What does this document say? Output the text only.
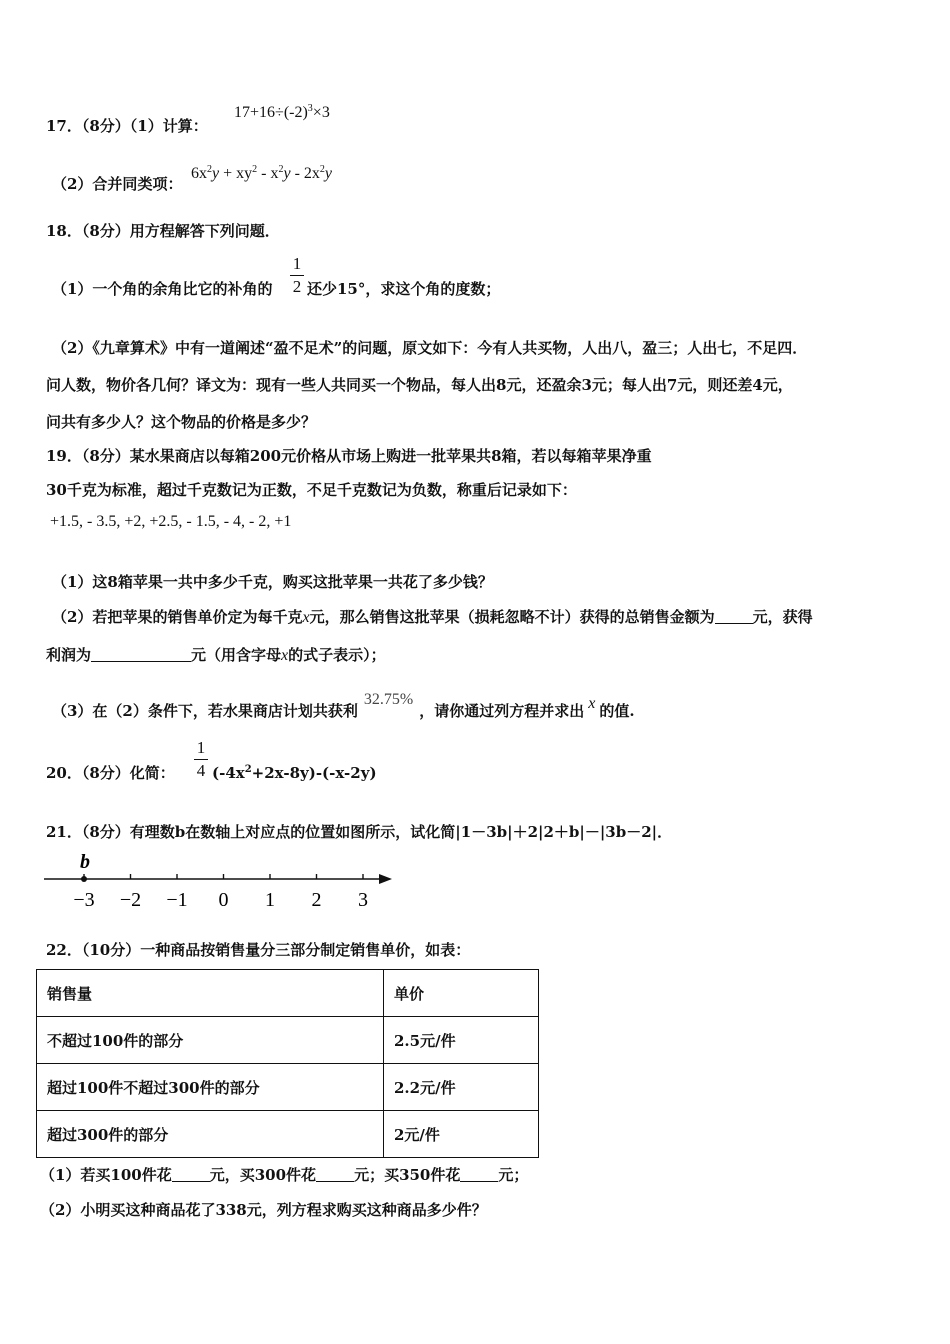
17．（8分）（1）计算：
$17+16\div(-2)^3\times 3$
（2）合并同类项：
$6x^2y + xy^2 - x^2y - 2x^2y$
18．（8分）用方程解答下列问题．
（1）一个角的余角比它的补角的
1
2 还少15°，求这个角的度数；
（2）《九章算术》中有一道阐述“盈不足术”的问题，原文如下：今有人共买物，人出八，盈三；人出七，不足四．
问人数，物价各几何？译文为：现有一些人共同买一个物品，每人出8元，还盈余3元；每人出7元，则还差4元，
问共有多少人？这个物品的价格是多少？
19．（8分）某水果商店以每箱200元价格从市场上购进一批苹果共8箱，若以每箱苹果净重
30千克为标准，超过千克数记为正数，不足千克数记为负数，称重后记录如下：
+1.5, - 3.5, +2, +2.5, - 1.5, - 4, - 2, +1
（1）这8箱苹果一共中多少千克，购买这批苹果一共花了多少钱？
（2）若把苹果的销售单价定为每千克x元，那么销售这批苹果（损耗忽略不计）获得的总销售金额为	元，获得
利润为	元（用含字母x的式子表示）；
（3）在（2）条件下，若水果商店计划共获利32.75%，请你通过列方程并求出 x 的值.
20．（8分）化简：
1
4 $(-4x^2+2x-8y)-(-x-2y)$
21．（8分）有理数b在数轴上对应点的位置如图所示，试化简|1－3b|＋2|2＋b|－|3b－2|．
−3 −2 −1 0 1 2 3
b
22．（10分）一种商品按销售量分三部分制定销售单价，如表：
销售量	单价
不超过100件的部分	2.5元/件
超过100件不超过300件的部分	2.2元/件
超过300件的部分	2元/件
（1）若买100件花	元，买300件花	元；买350件花	元；
（2）小明买这种商品花了338元，列方程求购买这种商品多少件？
